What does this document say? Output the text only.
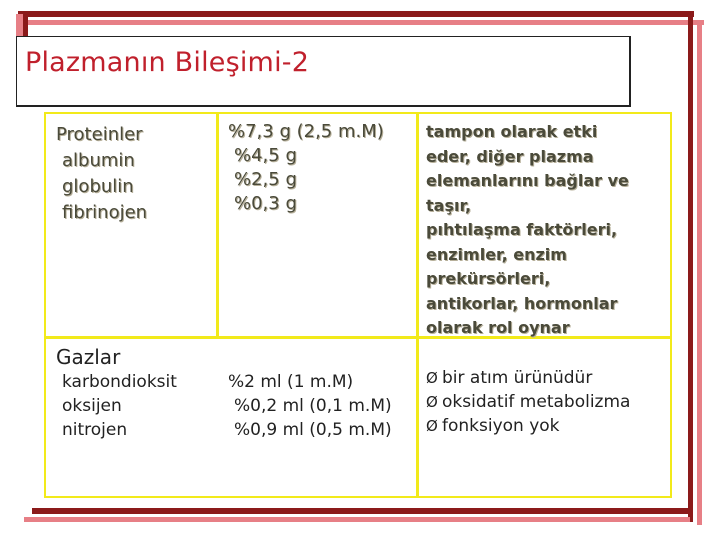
Plazmanın Bileşimi-2
Proteinler
albumin
globulin
fibrinojen
%7,3 g (2,5 m.M)
%4,5 g
%2,5 g
%0,3 g
tampon olarak etki
eder, diğer plazma
elemanlarını bağlar ve
taşır,
pıhtılaşma faktörleri,
enzimler, enzim
prekürsörleri,
antikorlar, hormonlar
olarak rol oynar
Gazlar
karbondioksit
oksijen
nitrojen
%2 ml (1 m.M)
%0,2 ml (0,1 m.M)
%0,9 ml (0,5 m.M)
Ø bir atım ürünüdür
Ø oksidatif metabolizma
Ø fonksiyon yok
